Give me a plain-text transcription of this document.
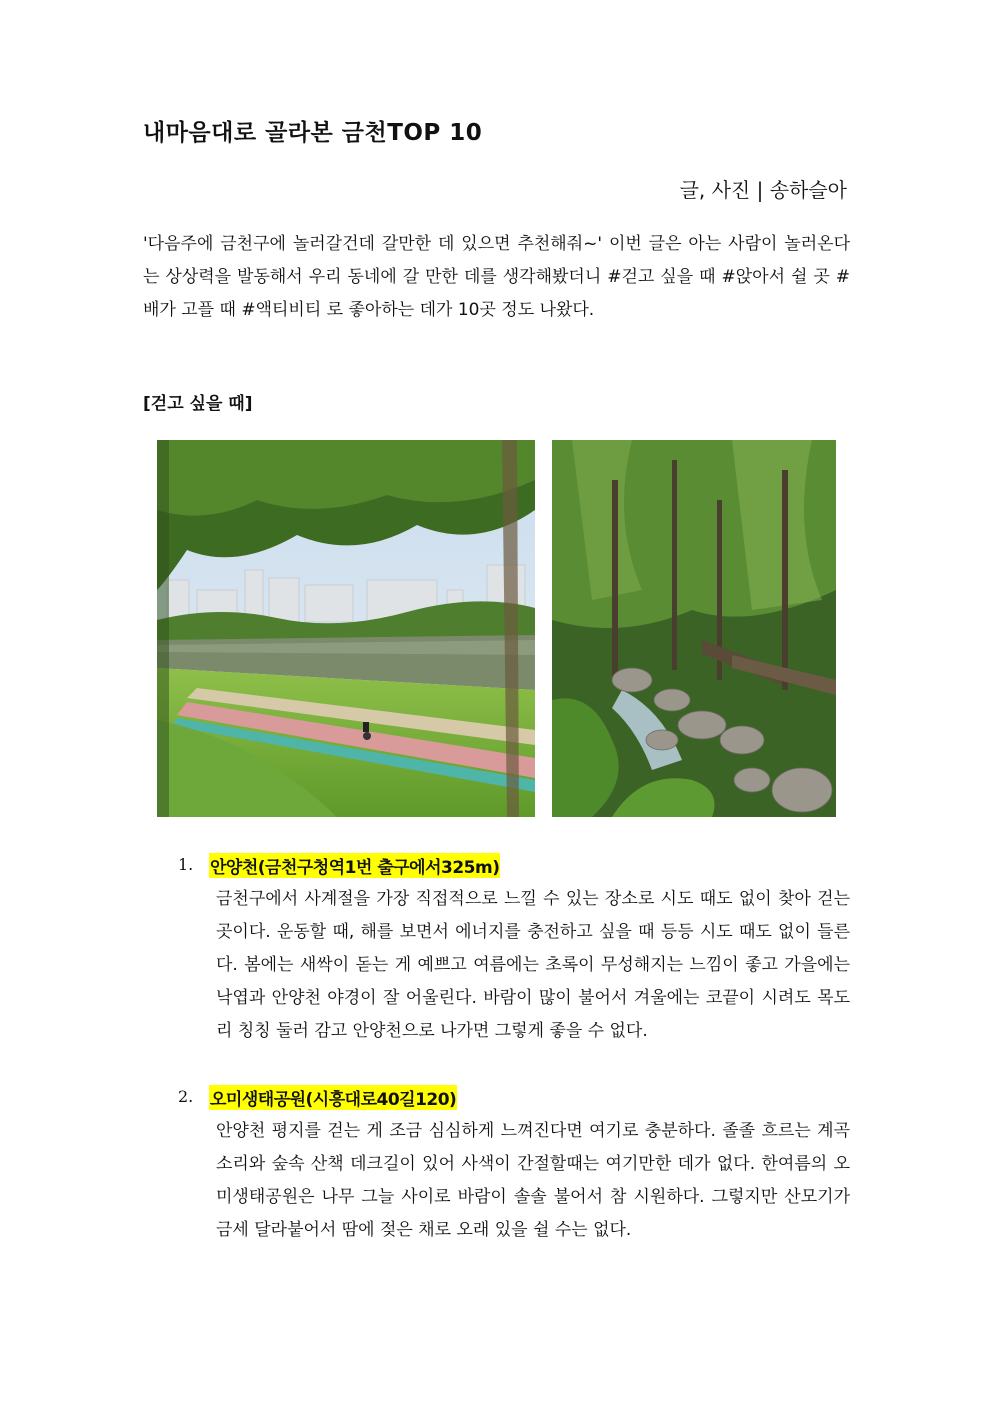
내마음대로 골라본 금천TOP 10

글, 사진 | 송하슬아

'다음주에 금천구에 놀러갈건데 갈만한 데 있으면 추천해줘~' 이번 글은 아는 사람이 놀러온다는 상상력을 발동해서 우리 동네에 갈 만한 데를 생각해봤더니 #걷고 싶을 때 #앉아서 쉴 곳 #배가 고플 때 #액티비티 로 좋아하는 데가 10곳 정도 나왔다.

[걷고 싶을 때]
1. 안양천(금천구청역1번 출구에서325m)

금천구에서 사계절을 가장 직접적으로 느낄 수 있는 장소로 시도 때도 없이 찾아 걷는 곳이다. 운동할 때, 해를 보면서 에너지를 충전하고 싶을 때 등등 시도 때도 없이 들른다. 봄에는 새싹이 돋는 게 예쁘고 여름에는 초록이 무성해지는 느낌이 좋고 가을에는 낙엽과 안양천 야경이 잘 어울린다. 바람이 많이 불어서 겨울에는 코끝이 시려도 목도리 칭칭 둘러 감고 안양천으로 나가면 그렇게 좋을 수 없다.

2. 오미생태공원(시흥대로40길120)

안양천 평지를 걷는 게 조금 심심하게 느껴진다면 여기로 충분하다. 졸졸 흐르는 계곡소리와 숲속 산책 데크길이 있어 사색이 간절할때는 여기만한 데가 없다. 한여름의 오미생태공원은 나무 그늘 사이로 바람이 솔솔 불어서 참 시원하다. 그렇지만 산모기가 금세 달라붙어서 땀에 젖은 채로 오래 있을 쉴 수는 없다.
